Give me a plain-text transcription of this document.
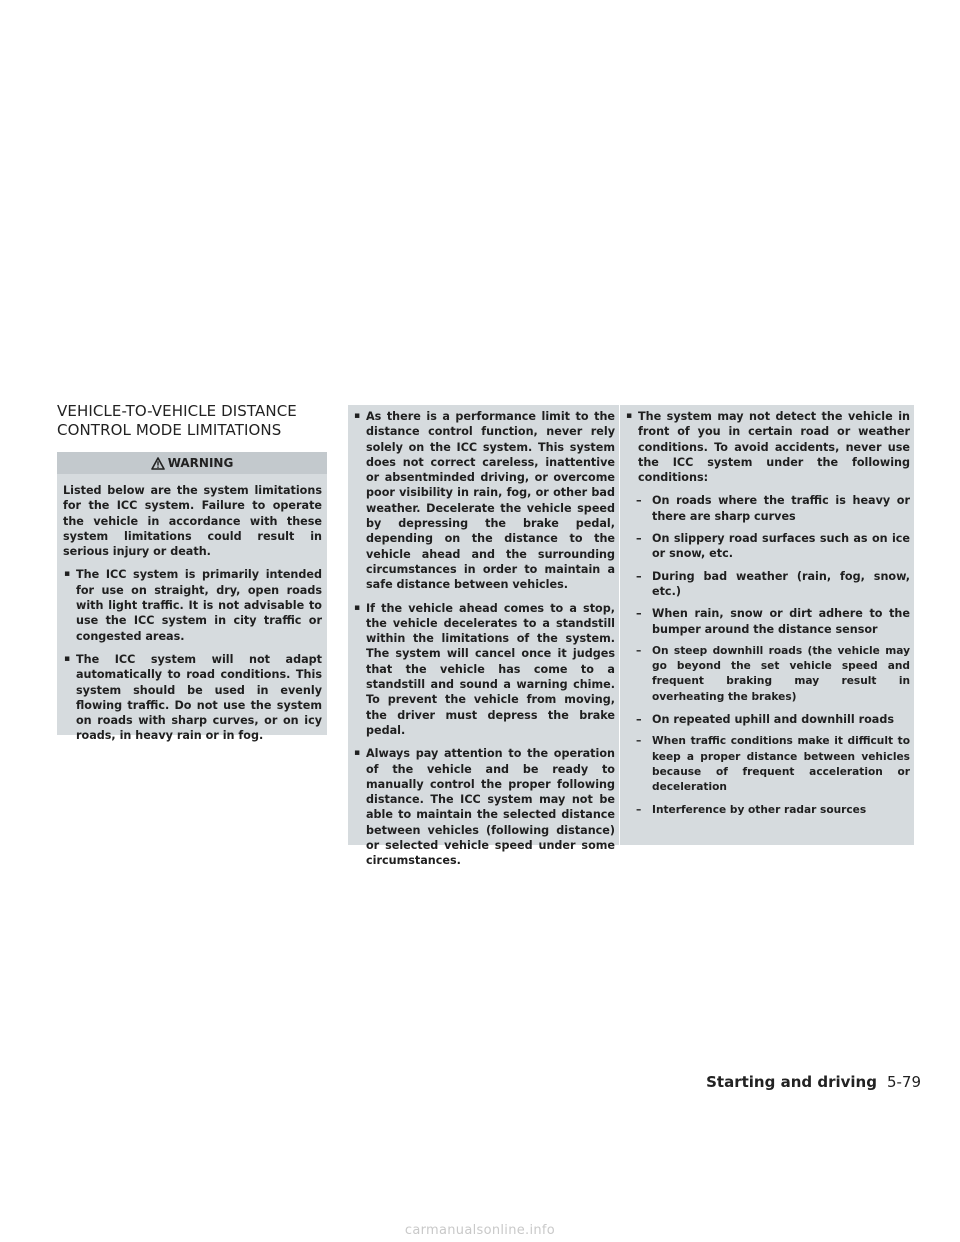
VEHICLE-TO-VEHICLE DISTANCE
CONTROL MODE LIMITATIONS
WARNING

Listed below are the system limitations for the ICC system. Failure to operate the vehicle in accordance with these system limitations could result in serious injury or death.

▪ The ICC system is primarily intended for use on straight, dry, open roads with light traffic. It is not advisable to use the ICC system in city traffic or congested areas.

▪ The ICC system will not adapt automatically to road conditions. This system should be used in evenly flowing traffic. Do not use the system on roads with sharp curves, or on icy roads, in heavy rain or in fog.

▪ As there is a performance limit to the distance control function, never rely solely on the ICC system. This system does not correct careless, inattentive or absentminded driving, or overcome poor visibility in rain, fog, or other bad weather. Decelerate the vehicle speed by depressing the brake pedal, depending on the distance to the vehicle ahead and the surrounding circumstances in order to maintain a safe distance between vehicles.

▪ If the vehicle ahead comes to a stop, the vehicle decelerates to a standstill within the limitations of the system. The system will cancel once it judges that the vehicle has come to a standstill and sound a warning chime. To prevent the vehicle from moving, the driver must depress the brake pedal.

▪ Always pay attention to the operation of the vehicle and be ready to manually control the proper following distance. The ICC system may not be able to maintain the selected distance between vehicles (following distance) or selected vehicle speed under some circumstances.

▪ The system may not detect the vehicle in front of you in certain road or weather conditions. To avoid accidents, never use the ICC system under the following conditions:

– On roads where the traffic is heavy or there are sharp curves

– On slippery road surfaces such as on ice or snow, etc.

– During bad weather (rain, fog, snow, etc.)

– When rain, snow or dirt adhere to the bumper around the distance sensor

– On steep downhill roads (the vehicle may go beyond the set vehicle speed and frequent braking may result in overheating the brakes)

– On repeated uphill and downhill roads

– When traffic conditions make it difficult to keep a proper distance between vehicles because of frequent acceleration or deceleration

– Interference by other radar sources

Starting and driving 5-79
carmanualsonline.info
